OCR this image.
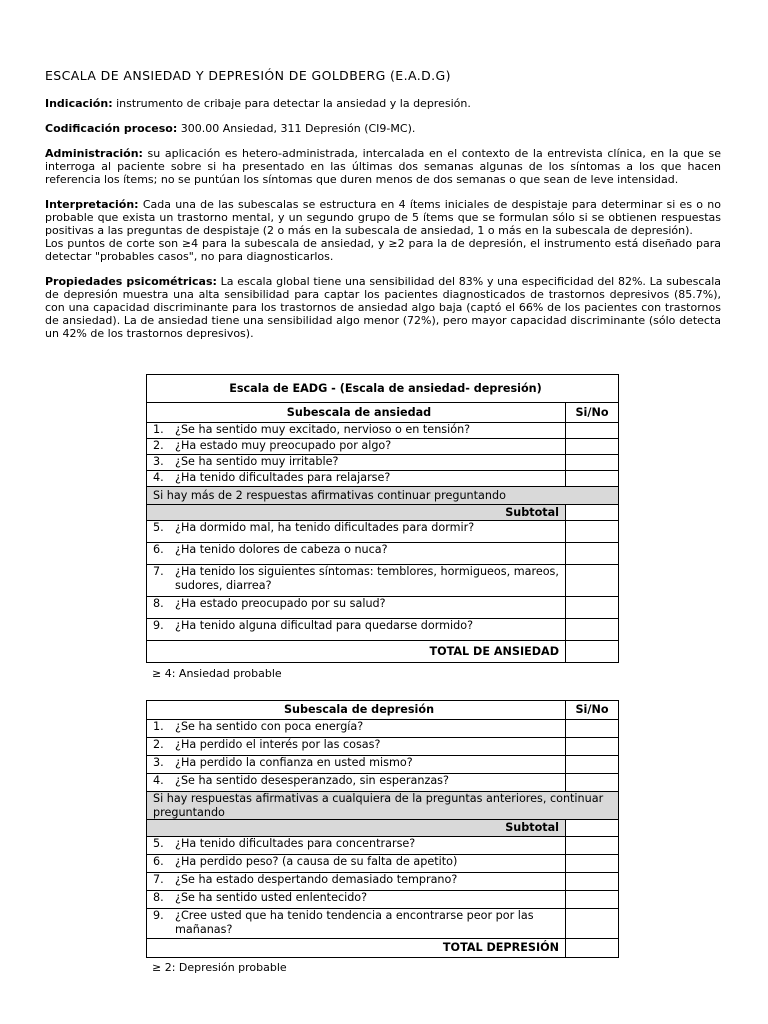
ESCALA DE ANSIEDAD Y DEPRESIÓN DE GOLDBERG (E.A.D.G)

Indicación: instrumento de cribaje para detectar la ansiedad y la depresión.

Codificación proceso: 300.00 Ansiedad, 311 Depresión (CI9-MC).

Administración: su aplicación es hetero-administrada, intercalada en el contexto de la entrevista clínica, en la que se interroga al paciente sobre si ha presentado en las últimas dos semanas algunas de los síntomas a los que hacen referencia los ítems; no se puntúan los síntomas que duren menos de dos semanas o que sean de leve intensidad.

Interpretación: Cada una de las subescalas se estructura en 4 ítems iniciales de despistaje para determinar si es o no probable que exista un trastorno mental, y un segundo grupo de 5 ítems que se formulan sólo si se obtienen respuestas positivas a las preguntas de despistaje (2 o más en la subescala de ansiedad, 1 o más en la subescala de depresión).

Los puntos de corte son ≥4 para la subescala de ansiedad, y ≥2 para la de depresión, el instrumento está diseñado para detectar "probables casos", no para diagnosticarlos.

Propiedades psicométricas: La escala global tiene una sensibilidad del 83% y una especificidad del 82%. La subescala de depresión muestra una alta sensibilidad para captar los pacientes diagnosticados de trastornos depresivos (85.7%), con una capacidad discriminante para los trastornos de ansiedad algo baja (captó el 66% de los pacientes con trastornos de ansiedad). La de ansiedad tiene una sensibilidad algo menor (72%), pero mayor capacidad discriminante (sólo detecta un 42% de los trastornos depresivos).

Escala de EADG - (Escala de ansiedad- depresión)		
Subescala de ansiedad		Si/No
1.	¿Se ha sentido muy excitado, nervioso o en tensión?	
2.	¿Ha estado muy preocupado por algo?	
3.	¿Se ha sentido muy irritable?	
4.	¿Ha tenido dificultades para relajarse?	
Si hay más de 2 respuestas afirmativas continuar preguntando		
Subtotal		
5.	¿Ha dormido mal, ha tenido dificultades para dormir?	
6.	¿Ha tenido dolores de cabeza o nuca?	
7.	¿Ha tenido los siguientes síntomas: temblores, hormigueos, mareos, sudores, diarrea?	
8.	¿Ha estado preocupado por su salud?	
9.	¿Ha tenido alguna dificultad para quedarse dormido?	
TOTAL DE ANSIEDAD		
≥ 4: Ansiedad probable
Subescala de depresión		Si/No
1.	¿Se ha sentido con poca energía?	
2.	¿Ha perdido el interés por las cosas?	
3.	¿Ha perdido la confianza en usted mismo?	
4.	¿Se ha sentido desesperanzado, sin esperanzas?	
Si hay respuestas afirmativas a cualquiera de la preguntas anteriores, continuar preguntando		
Subtotal		
5.	¿Ha tenido dificultades para concentrarse?	
6.	¿Ha perdido peso? (a causa de su falta de apetito)	
7.	¿Se ha estado despertando demasiado temprano?	
8.	¿Se ha sentido usted enlentecido?	
9.	¿Cree usted que ha tenido tendencia a encontrarse peor por las mañanas?	
TOTAL DEPRESIÓN		
≥ 2: Depresión probable
